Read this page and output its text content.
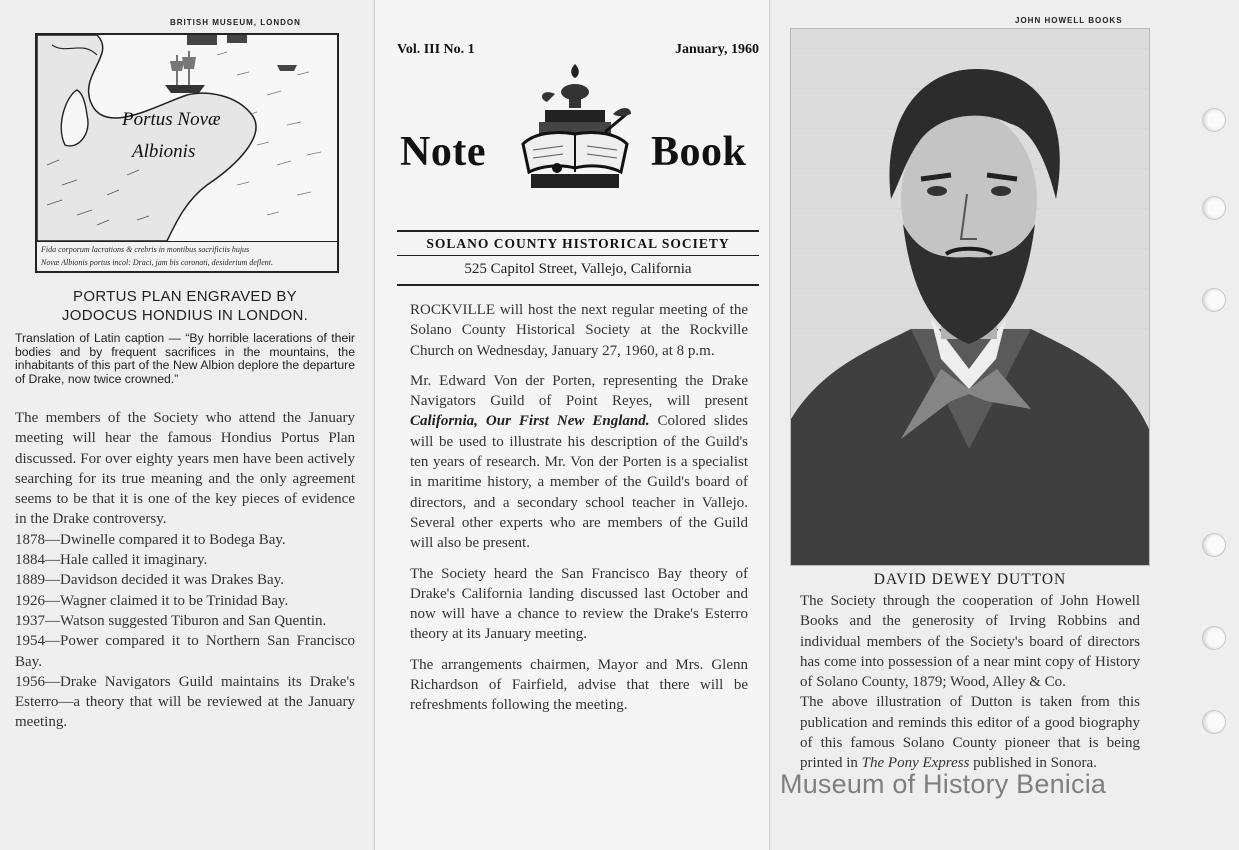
BRITISH MUSEUM, LONDON
Portus Novæ
Albionis
Fida corporum lacrations & crebris in montibus sacrificiis hujus
Novæ Albionis portus incol: Draci, jam bis coronati, desiderium deflent.
PORTUS PLAN ENGRAVED BY
JODOCUS HONDIUS IN LONDON.
Translation of Latin caption — “By horrible lacerations of their bodies and by frequent sacrifices in the mountains, the inhabitants of this part of the New Albion deplore the departure of Drake, now twice crowned.”

The members of the Society who attend the January meeting will hear the famous Hondius Portus Plan discussed. For over eighty years men have been actively searching for its true meaning and the only agreement seems to be that it is one of the key pieces of evidence in the Drake controversy.

1878—Dwinelle compared it to Bodega Bay.
1884—Hale called it imaginary.
1889—Davidson decided it was Drakes Bay.
1926—Wagner claimed it to be Trinidad Bay.
1937—Watson suggested Tiburon and San Quentin.
1954—Power compared it to Northern San Francisco Bay.
1956—Drake Navigators Guild maintains its Drake's Esterro—a theory that will be reviewed at the January meeting.
Vol. III No. 1	January, 1960
Note	Book
SOLANO COUNTY HISTORICAL SOCIETY
525 Capitol Street, Vallejo, California

ROCKVILLE will host the next regular meeting of the Solano County Historical Society at the Rockville Church on Wednesday, January 27, 1960, at 8 p.m.

Mr. Edward Von der Porten, representing the Drake Navigators Guild of Point Reyes, will present California, Our First New England. Colored slides will be used to illustrate his description of the Guild's ten years of research. Mr. Von der Porten is a specialist in maritime history, a member of the Guild's board of directors, and a secondary school teacher in Vallejo. Several other experts who are members of the Guild will also be present.

The Society heard the San Francisco Bay theory of Drake's California landing discussed last October and now will have a chance to review the Drake's Esterro theory at its January meeting.

The arrangements chairmen, Mayor and Mrs. Glenn Richardson of Fairfield, advise that there will be refreshments following the meeting.

JOHN HOWELL BOOKS
DAVID DEWEY DUTTON

The Society through the cooperation of John Howell Books and the generosity of Irving Robbins and individual members of the Society's board of directors has come into possession of a near mint copy of History of Solano County, 1879; Wood, Alley & Co.

The above illustration of Dutton is taken from this publication and reminds this editor of a good biography of this famous Solano County pioneer that is being printed in The Pony Express published in Sonora.

Museum of History Benicia
